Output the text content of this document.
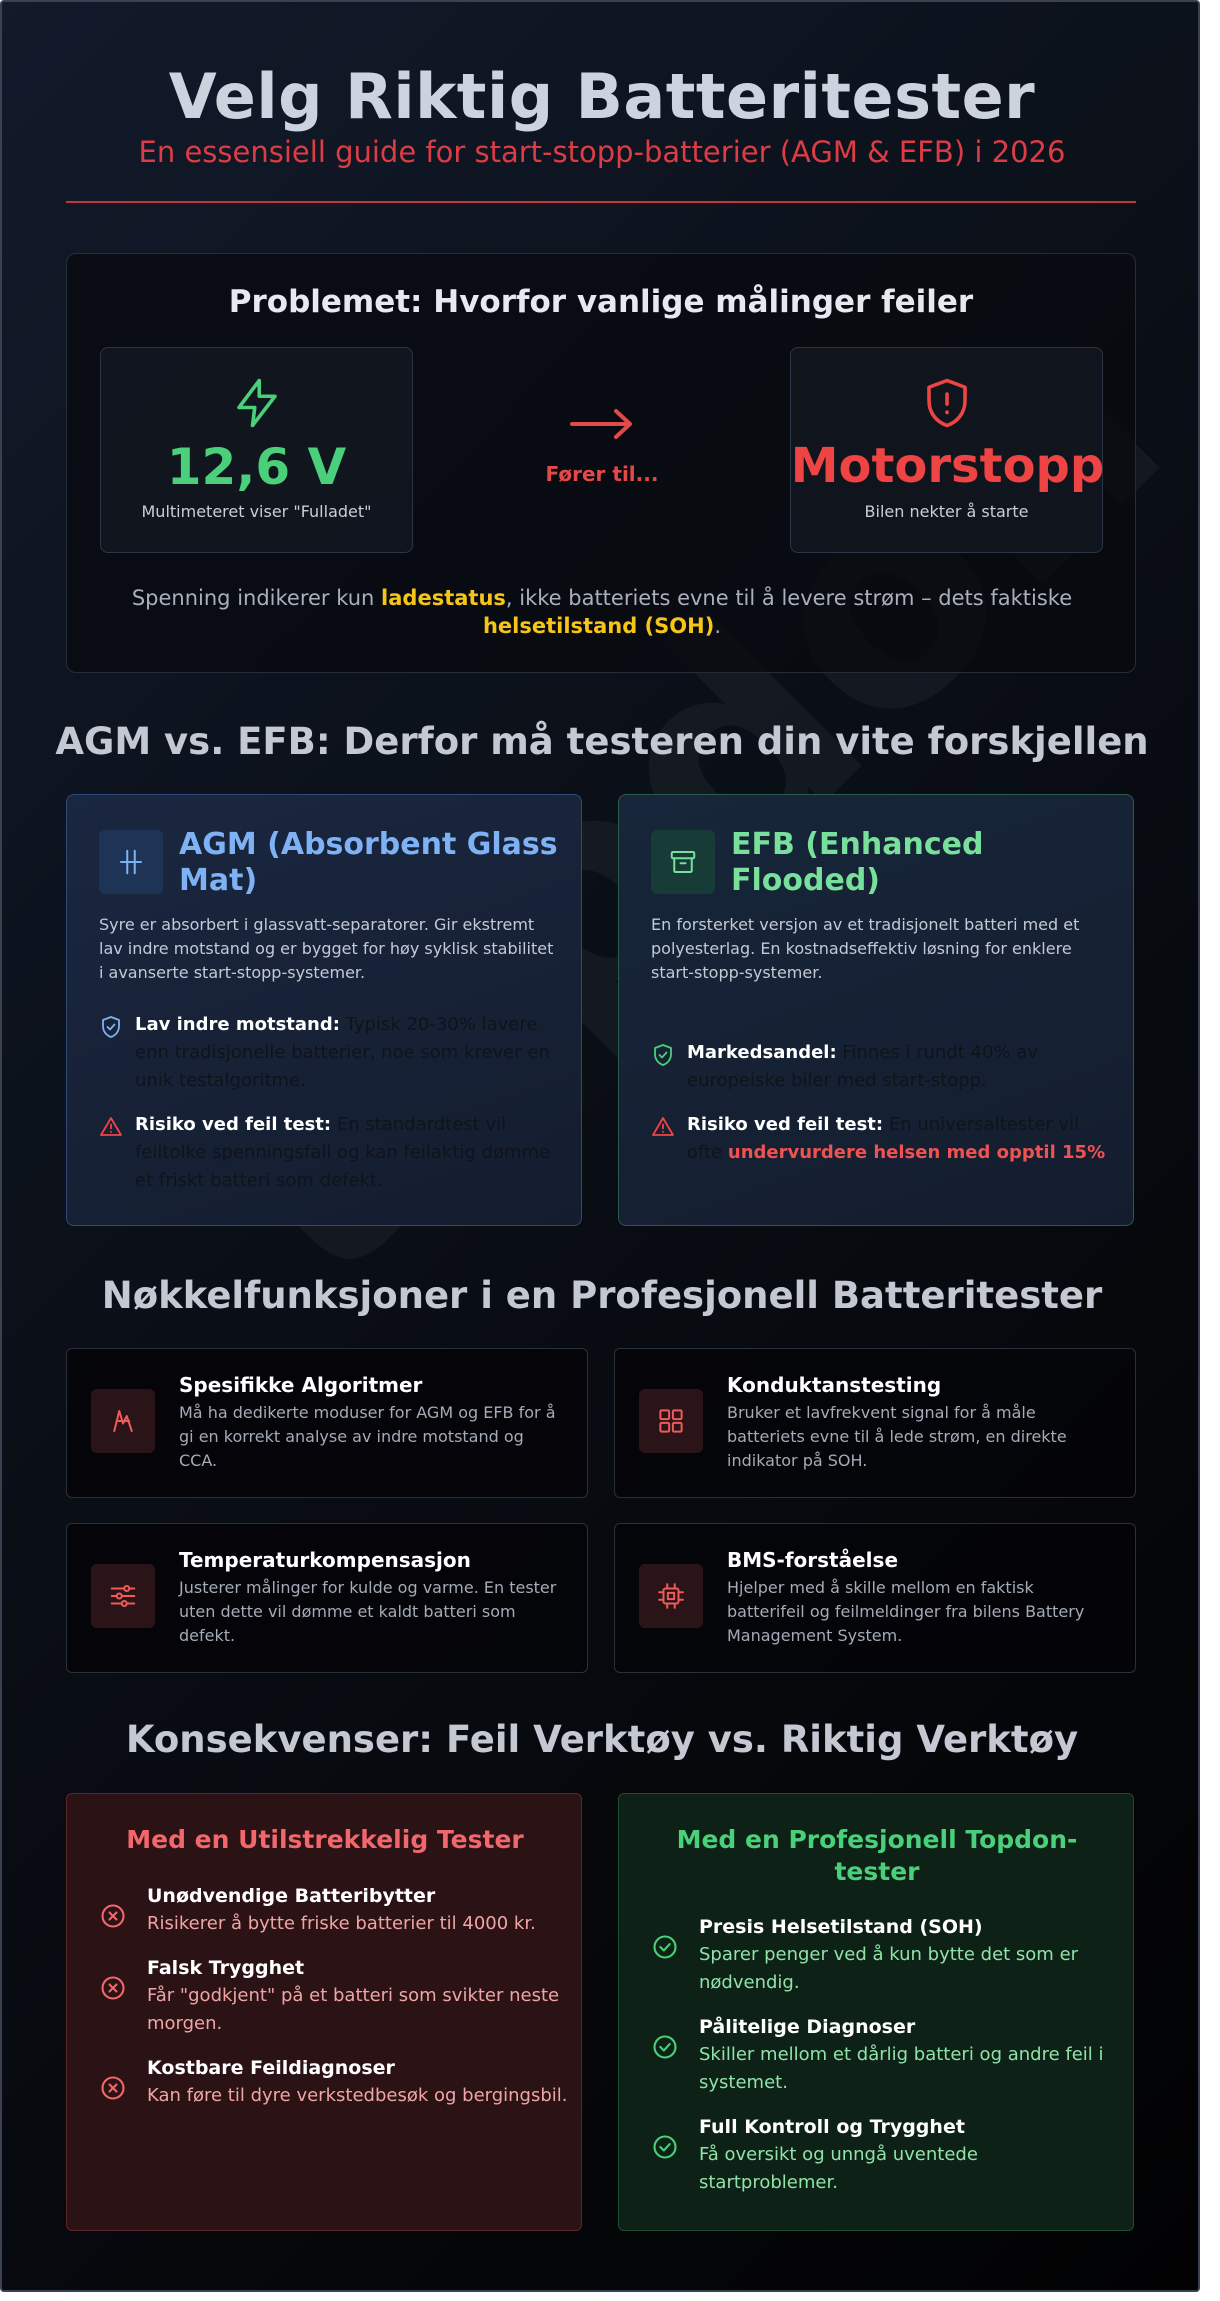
Velg Riktig Batteritester
En essensiell guide for start-stopp-batterier (AGM & EFB) i 2026
Problemet: Hvorfor vanlige målinger feiler
12,6 V
Multimeteret viser "Fulladet"
Fører til...	Motorstopp
Bilen nekter å starte
Spenning indikerer kun ladestatus, ikke batteriets evne til å levere strøm – dets faktiske helsetilstand (SOH).
AGM vs. EFB: Derfor må testeren din vite forskjellen
AGM (Absorbent Glass Mat)
Syre er absorbert i glassvatt-separatorer. Gir ekstremt lav indre motstand og er bygget for høy syklisk stabilitet i avanserte start-stopp-systemer.
Lav indre motstand: Typisk 20-30% lavere enn tradisjonelle batterier, noe som krever en unik testalgoritme.
Risiko ved feil test: En standardtest vil feiltolke spenningsfall og kan feilaktig dømme et friskt batteri som defekt.
EFB (Enhanced Flooded)
En forsterket versjon av et tradisjonelt batteri med et polyesterlag. En kostnadseffektiv løsning for enklere start-stopp-systemer.
Markedsandel: Finnes i rundt 40% av europeiske biler med start-stopp.
Risiko ved feil test: En universaltester vil ofte undervurdere helsen med opptil 15%
Nøkkelfunksjoner i en Profesjonell Batteritester
Spesifikke Algoritmer
Må ha dedikerte moduser for AGM og EFB for å gi en korrekt analyse av indre motstand og CCA.
Konduktanstesting
Bruker et lavfrekvent signal for å måle batteriets evne til å lede strøm, en direkte indikator på SOH.
Temperaturkompensasjon
Justerer målinger for kulde og varme. En tester uten dette vil dømme et kaldt batteri som defekt.
BMS-forståelse
Hjelper med å skille mellom en faktisk batterifeil og feilmeldinger fra bilens Battery Management System.
Konsekvenser: Feil Verktøy vs. Riktig Verktøy
Med en Utilstrekkelig Tester
Unødvendige Batteribytter
Risikerer å bytte friske batterier til 4000 kr.
Falsk Trygghet
Får "godkjent" på et batteri som svikter neste morgen.
Kostbare Feildiagnoser
Kan føre til dyre verkstedbesøk og bergingsbil.
Med en Profesjonell Topdon-tester
Presis Helsetilstand (SOH)
Sparer penger ved å kun bytte det som er nødvendig.
Pålitelige Diagnoser
Skiller mellom et dårlig batteri og andre feil i systemet.
Full Kontroll og Trygghet
Få oversikt og unngå uventede startproblemer.
